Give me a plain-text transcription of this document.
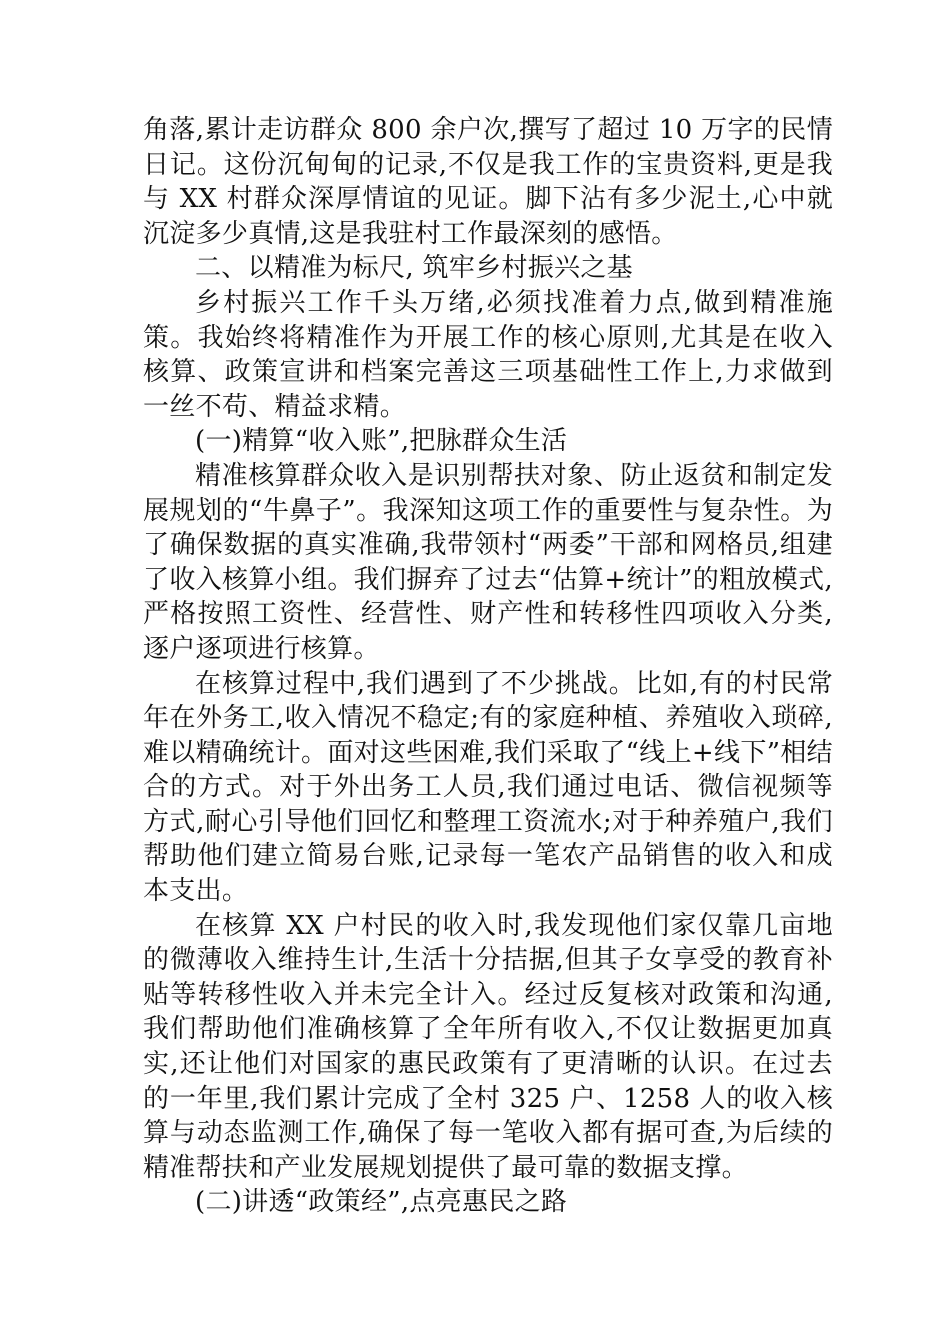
角落,累计走访群众 800 余户次,撰写了超过 10 万字的民情日记。这份沉甸甸的记录,不仅是我工作的宝贵资料,更是我与 XX 村群众深厚情谊的见证。脚下沾有多少泥土,心中就沉淀多少真情,这是我驻村工作最深刻的感悟。

二、以精准为标尺, 筑牢乡村振兴之基

乡村振兴工作千头万绪,必须找准着力点,做到精准施策。我始终将精准作为开展工作的核心原则,尤其是在收入核算、政策宣讲和档案完善这三项基础性工作上,力求做到一丝不苟、精益求精。

(一)精算“收入账”,把脉群众生活

精准核算群众收入是识别帮扶对象、防止返贫和制定发展规划的“牛鼻子”。我深知这项工作的重要性与复杂性。为了确保数据的真实准确,我带领村“两委”干部和网格员,组建了收入核算小组。我们摒弃了过去“估算+统计”的粗放模式,严格按照工资性、经营性、财产性和转移性四项收入分类,逐户逐项进行核算。

在核算过程中,我们遇到了不少挑战。比如,有的村民常年在外务工,收入情况不稳定;有的家庭种植、养殖收入琐碎,难以精确统计。面对这些困难,我们采取了“线上+线下”相结合的方式。对于外出务工人员,我们通过电话、微信视频等方式,耐心引导他们回忆和整理工资流水;对于种养殖户,我们帮助他们建立简易台账,记录每一笔农产品销售的收入和成本支出。

在核算 XX 户村民的收入时,我发现他们家仅靠几亩地的微薄收入维持生计,生活十分拮据,但其子女享受的教育补贴等转移性收入并未完全计入。经过反复核对政策和沟通,我们帮助他们准确核算了全年所有收入,不仅让数据更加真实,还让他们对国家的惠民政策有了更清晰的认识。在过去的一年里,我们累计完成了全村 325 户、1258 人的收入核算与动态监测工作,确保了每一笔收入都有据可查,为后续的精准帮扶和产业发展规划提供了最可靠的数据支撑。

(二)讲透“政策经”,点亮惠民之路
